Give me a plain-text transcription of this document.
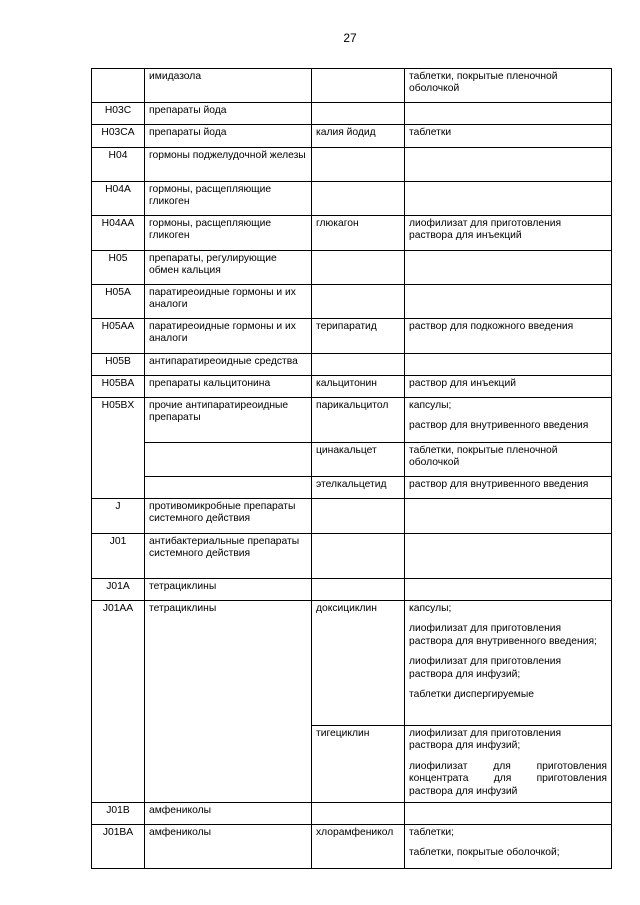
27
	имидазола		таблетки, покрытые пленочной оболочкой

H03C	препараты йода		
H03CA	препараты йода	калия йодид	таблетки

H04	гормоны поджелудочной железы		
H04A	гормоны, расщепляющие гликоген		
H04AA	гормоны, расщепляющие гликоген	глюкагон	лиофилизат для приготовления раствора для инъекций

H05	препараты, регулирующие обмен кальция		
H05A	паратиреоидные гормоны и их аналоги		
H05AA	паратиреоидные гормоны и их аналоги	терипаратид	раствор для подкожного введения

H05B	антипаратиреоидные средства		
H05BA	препараты кальцитонина	кальцитонин	раствор для инъекций

H05BX	прочие антипаратиреоидные препараты	парикальцитол	капсулы;
раствор для внутривенного введения

		цинакальцет	таблетки, покрытые пленочной оболочкой

		этелкальцетид	раствор для внутривенного введения

J	противомикробные препараты системного действия		
J01	антибактериальные препараты системного действия		
J01A	тетрациклины		
J01AA	тетрациклины	доксициклин	капсулы;
лиофилизат для приготовления раствора для внутривенного введения;
лиофилизат для приготовления раствора для инфузий;
таблетки диспергируемые

		тигециклин	лиофилизат для приготовления раствора для инфузий;
лиофилизат для приготовления концентрата для приготовления раствора для инфузий

J01B	амфениколы		
J01BA	амфениколы	хлорамфеникол	таблетки;
таблетки, покрытые оболочкой;
